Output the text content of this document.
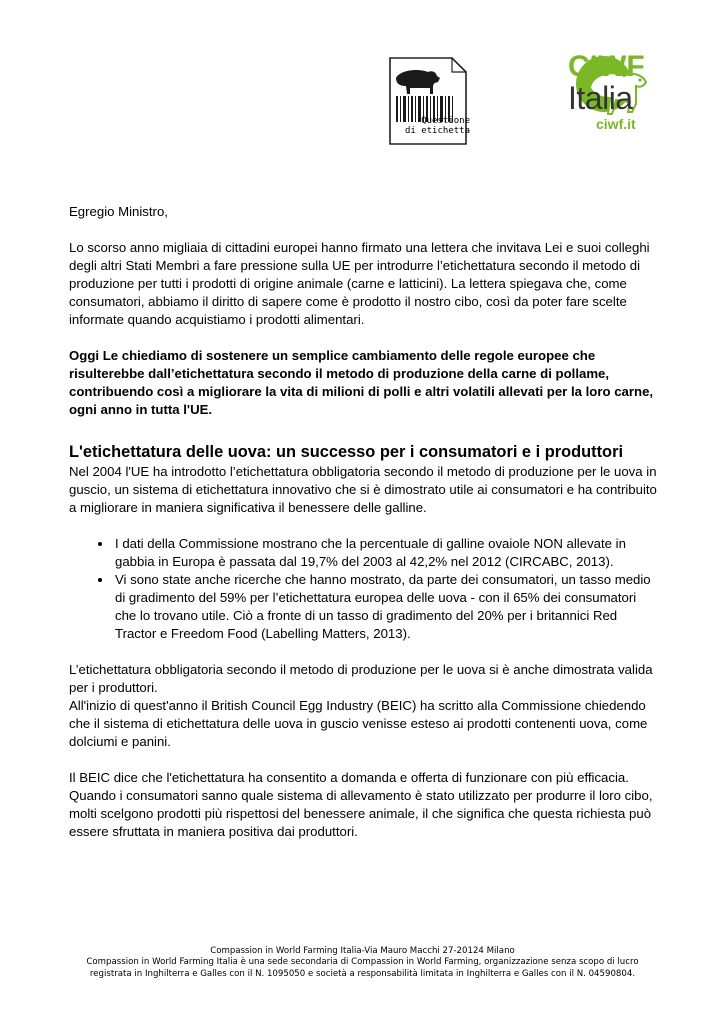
Questione
di etichetta
CIWF
Italia
ciwf.it

Egregio Ministro,

Lo scorso anno migliaia di cittadini europei hanno firmato una lettera che invitava Lei e suoi colleghi degli altri Stati Membri a fare pressione sulla UE per introdurre l’etichettatura secondo il metodo di produzione per tutti i prodotti di origine animale (carne e latticini). La lettera spiegava che, come consumatori, abbiamo il diritto di sapere come è prodotto il nostro cibo, così da poter fare scelte informate quando acquistiamo i prodotti alimentari.

Oggi Le chiediamo di sostenere un semplice cambiamento delle regole europee che risulterebbe dall’etichettatura secondo il metodo di produzione della carne di pollame, contribuendo così a migliorare la vita di milioni di polli e altri volatili allevati per la loro carne, ogni anno in tutta l'UE.

L'etichettatura delle uova: un successo per i consumatori e i produttori

Nel 2004 l'UE ha introdotto l’etichettatura obbligatoria secondo il metodo di produzione per le uova in guscio, un sistema di etichettatura innovativo che si è dimostrato utile ai consumatori e ha contribuito a migliorare in maniera significativa il benessere delle galline.

• I dati della Commissione mostrano che la percentuale di galline ovaiole NON allevate in gabbia in Europa è passata dal 19,7% del 2003 al 42,2% nel 2012 (CIRCABC, 2013).
• Vi sono state anche ricerche che hanno mostrato, da parte dei consumatori, un tasso medio di gradimento del 59% per l’etichettatura europea delle uova - con il 65% dei consumatori che lo trovano utile. Ciò a fronte di un tasso di gradimento del 20% per i britannici Red Tractor e Freedom Food (Labelling Matters, 2013).

L’etichettatura obbligatoria secondo il metodo di produzione per le uova si è anche dimostrata valida per i produttori.

All'inizio di quest'anno il British Council Egg Industry (BEIC) ha scritto alla Commissione chiedendo che il sistema di etichettatura delle uova in guscio venisse esteso ai prodotti contenenti uova, come dolciumi e panini.

Il BEIC dice che l'etichettatura ha consentito a domanda e offerta di funzionare con più efficacia. Quando i consumatori sanno quale sistema di allevamento è stato utilizzato per produrre il loro cibo, molti scelgono prodotti più rispettosi del benessere animale, il che significa che questa richiesta può essere sfruttata in maniera positiva dai produttori.

Compassion in World Farming Italia-Via Mauro Macchi 27-20124 Milano
Compassion in World Farming Italia è una sede secondaria di Compassion in World Farming, organizzazione senza scopo di lucro
registrata in Inghilterra e Galles con il N. 1095050 e società a responsabilità limitata in Inghilterra e Galles con il N. 04590804.
